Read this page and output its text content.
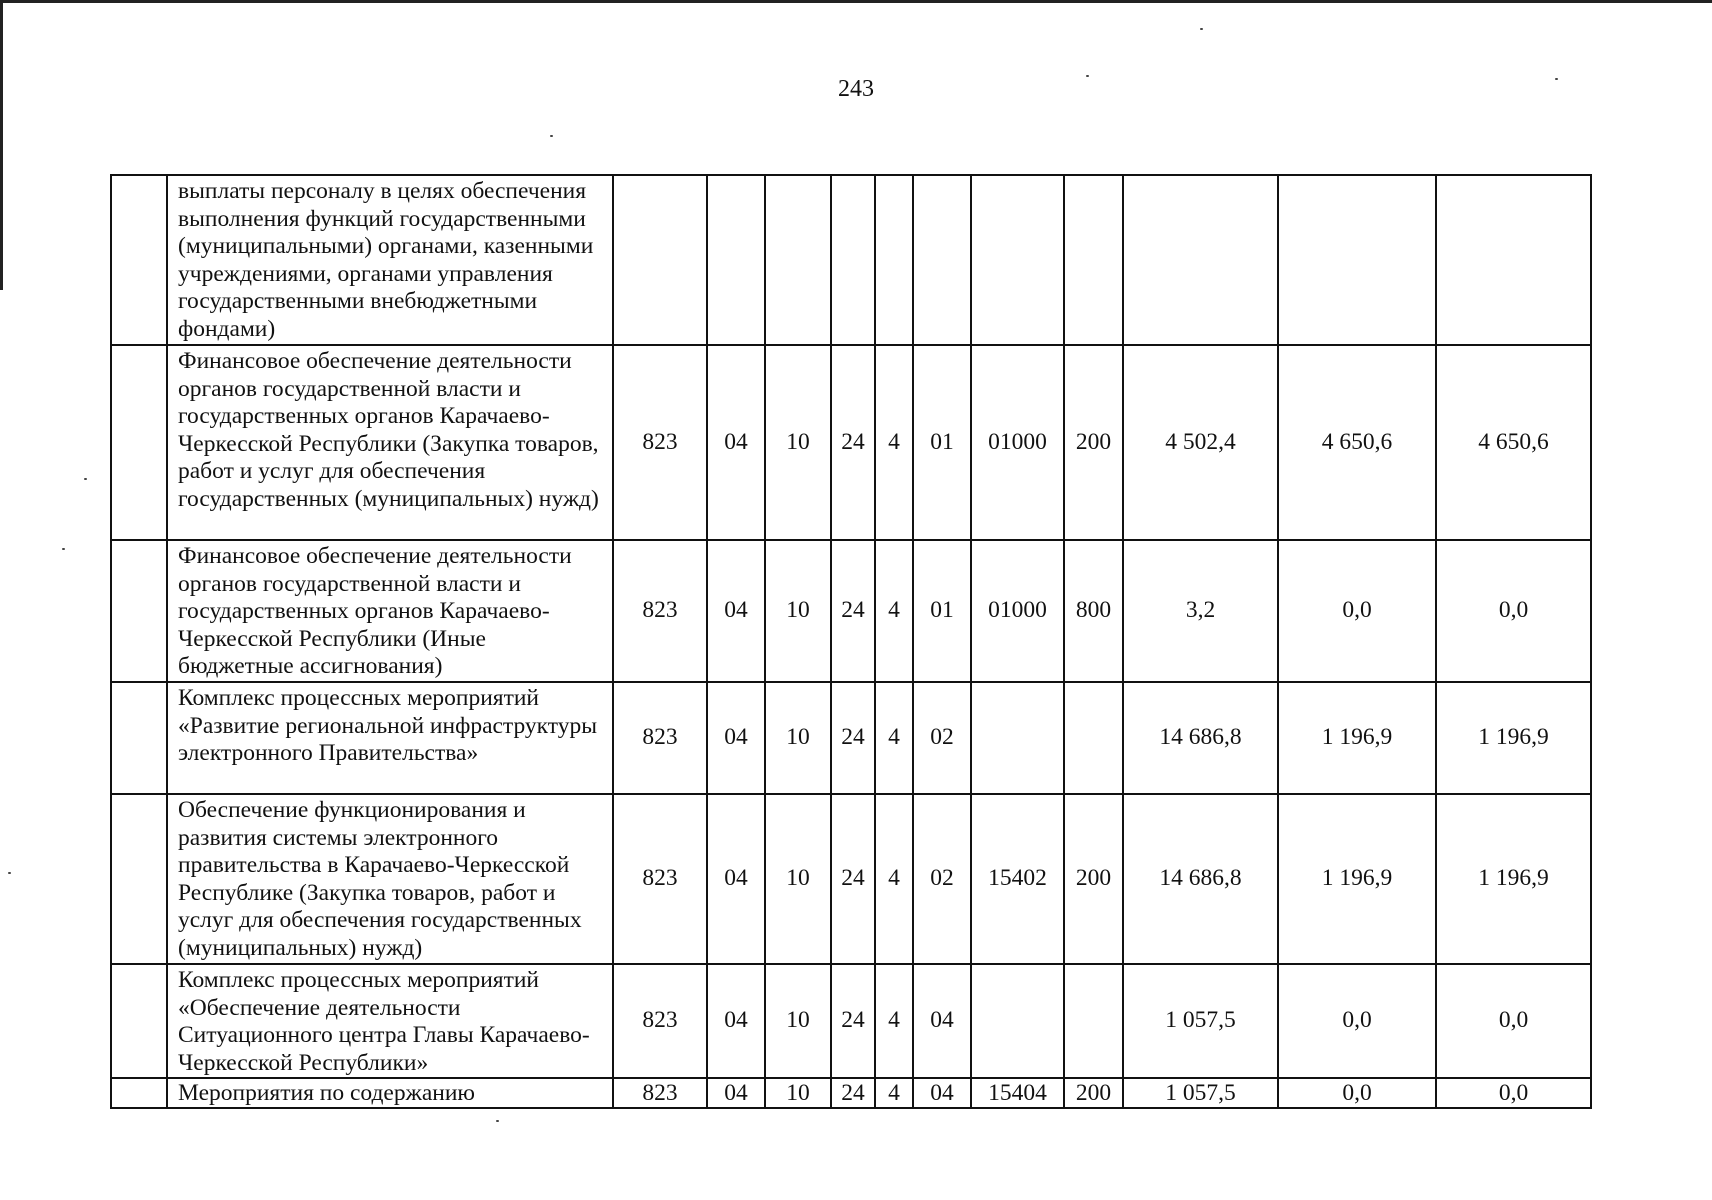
243
	выплаты персоналу в целях обеспечения выполнения функций государственными (муниципальными) органами, казенными учреждениями, органами управления государственными внебюджетными фондами)											
	Финансовое обеспечение деятельности органов государственной власти и государственных органов Карачаево-Черкесской Республики (Закупка товаров, работ и услуг для обеспечения государственных (муниципальных) нужд)	823	04	10	24	4	01	01000	200	4 502,4	4 650,6	4 650,6
	Финансовое обеспечение деятельности органов государственной власти и государственных органов Карачаево-Черкесской Республики (Иные бюджетные ассигнования)	823	04	10	24	4	01	01000	800	3,2	0,0	0,0
	Комплекс процессных мероприятий «Развитие региональной инфраструктуры электронного Правительства»	823	04	10	24	4	02			14 686,8	1 196,9	1 196,9
	Обеспечение функционирования и развития системы электронного правительства в Карачаево-Черкесской Республике (Закупка товаров, работ и услуг для обеспечения государственных (муниципальных) нужд)	823	04	10	24	4	02	15402	200	14 686,8	1 196,9	1 196,9
	Комплекс процессных мероприятий «Обеспечение деятельности Ситуационного центра Главы Карачаево-Черкесской Республики»	823	04	10	24	4	04			1 057,5	0,0	0,0
	Мероприятия по содержанию	823	04	10	24	4	04	15404	200	1 057,5	0,0	0,0
